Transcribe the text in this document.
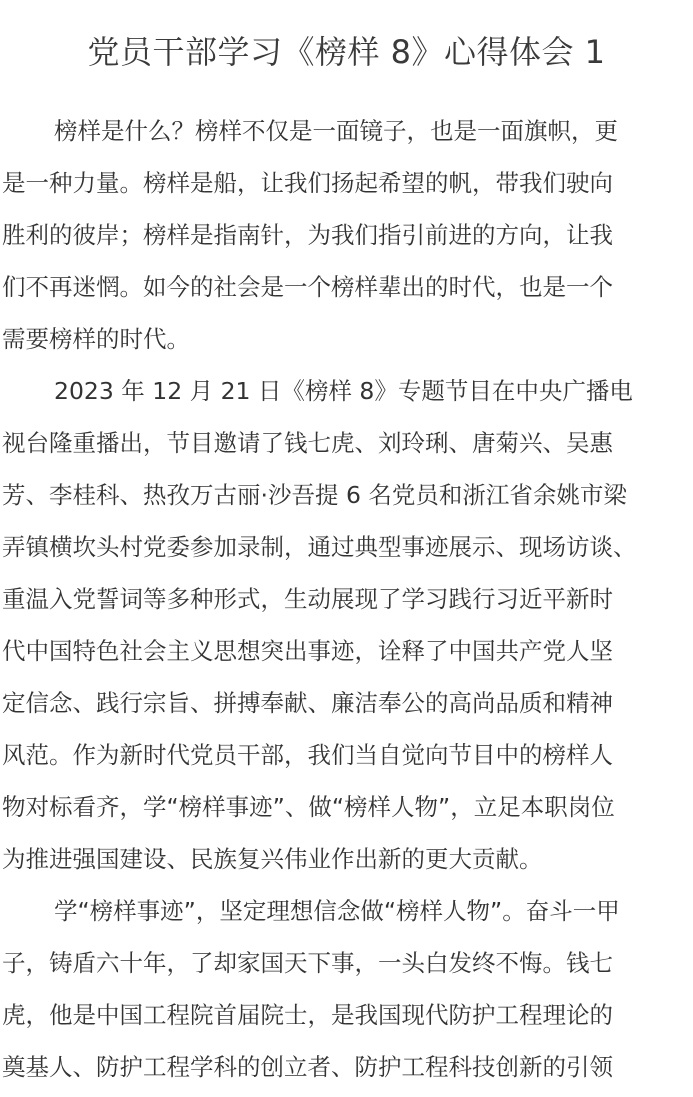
党员干部学习《榜样 8》心得体会 1
榜样是什么？榜样不仅是一面镜子，也是一面旗帜，更
是一种力量。榜样是船，让我们扬起希望的帆，带我们驶向
胜利的彼岸；榜样是指南针，为我们指引前进的方向，让我
们不再迷惘。如今的社会是一个榜样辈出的时代，也是一个
需要榜样的时代。
2023 年 12 月 21 日《榜样 8》专题节目在中央广播电
视台隆重播出，节目邀请了钱七虎、刘玲琍、唐菊兴、吴惠
芳、李桂科、热孜万古丽·沙吾提 6 名党员和浙江省余姚市梁
弄镇横坎头村党委参加录制，通过典型事迹展示、现场访谈、
重温入党誓词等多种形式，生动展现了学习践行习近平新时
代中国特色社会主义思想突出事迹，诠释了中国共产党人坚
定信念、践行宗旨、拼搏奉献、廉洁奉公的高尚品质和精神
风范。作为新时代党员干部，我们当自觉向节目中的榜样人
物对标看齐，学“榜样事迹”、做“榜样人物”，立足本职岗位
为推进强国建设、民族复兴伟业作出新的更大贡献。
学“榜样事迹”，坚定理想信念做“榜样人物”。奋斗一甲
子，铸盾六十年，了却家国天下事，一头白发终不悔。钱七
虎，他是中国工程院首届院士，是我国现代防护工程理论的
奠基人、防护工程学科的创立者、防护工程科技创新的引领
